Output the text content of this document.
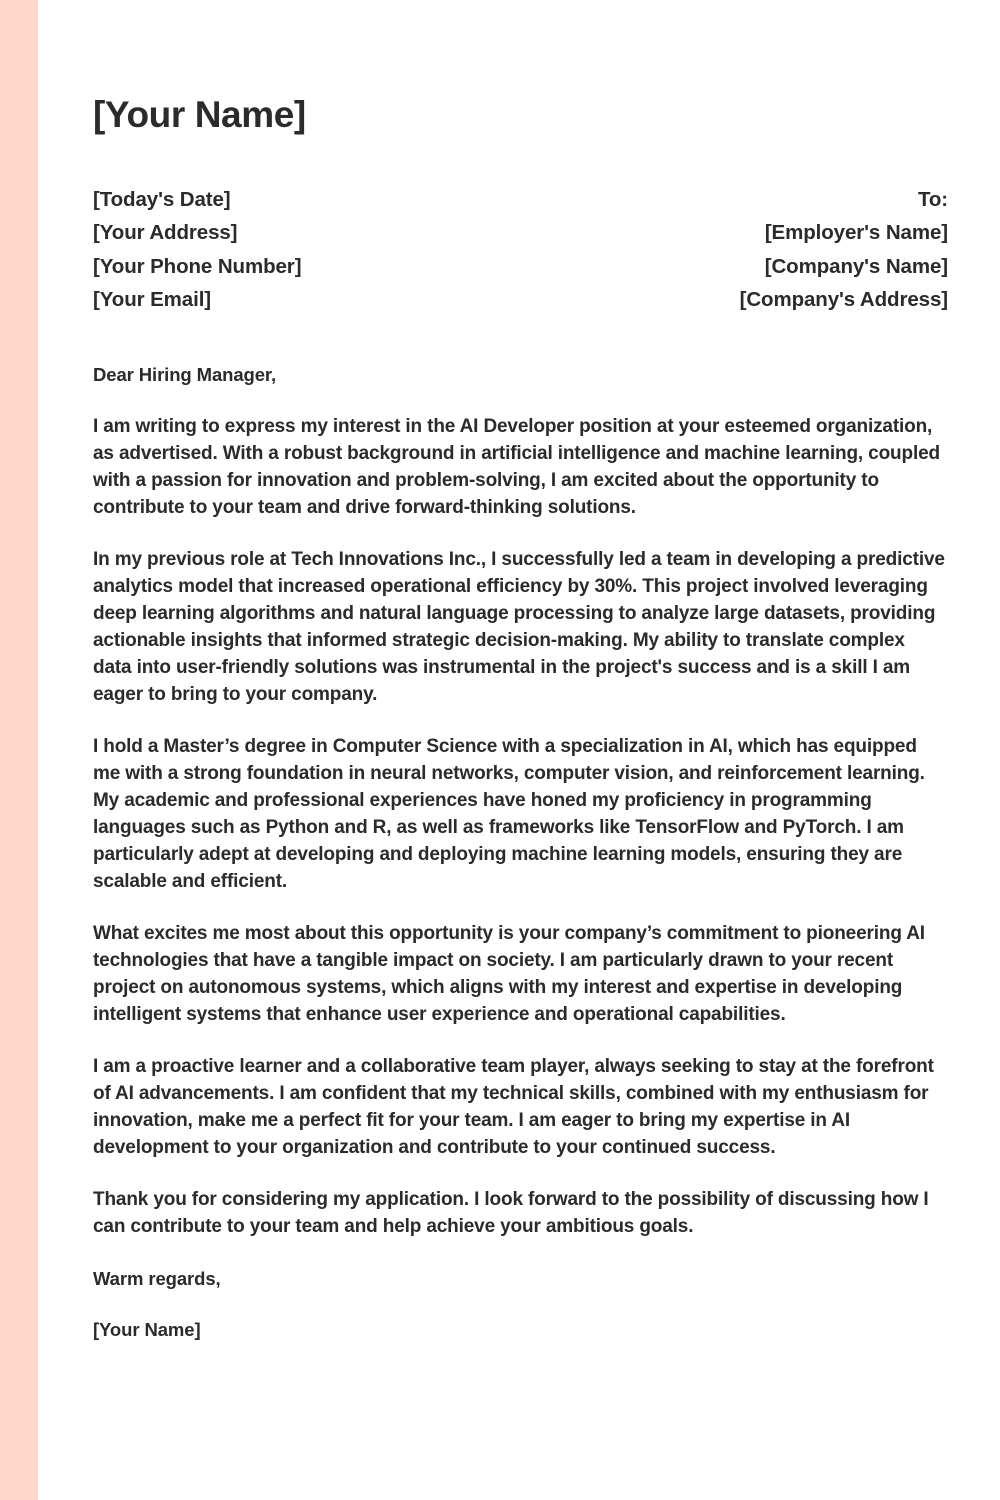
[Your Name]
[Today's Date]
[Your Address]
[Your Phone Number]
[Your Email]
To:
[Employer's Name]
[Company's Name]
[Company's Address]

Dear Hiring Manager,

I am writing to express my interest in the AI Developer position at your esteemed organization, as advertised. With a robust background in artificial intelligence and machine learning, coupled with a passion for innovation and problem-solving, I am excited about the opportunity to contribute to your team and drive forward-thinking solutions.

In my previous role at Tech Innovations Inc., I successfully led a team in developing a predictive analytics model that increased operational efficiency by 30%. This project involved leveraging deep learning algorithms and natural language processing to analyze large datasets, providing actionable insights that informed strategic decision-making. My ability to translate complex data into user-friendly solutions was instrumental in the project's success and is a skill I am eager to bring to your company.

I hold a Master’s degree in Computer Science with a specialization in AI, which has equipped me with a strong foundation in neural networks, computer vision, and reinforcement learning. My academic and professional experiences have honed my proficiency in programming languages such as Python and R, as well as frameworks like TensorFlow and PyTorch. I am particularly adept at developing and deploying machine learning models, ensuring they are scalable and efficient.

What excites me most about this opportunity is your company’s commitment to pioneering AI technologies that have a tangible impact on society. I am particularly drawn to your recent project on autonomous systems, which aligns with my interest and expertise in developing intelligent systems that enhance user experience and operational capabilities.

I am a proactive learner and a collaborative team player, always seeking to stay at the forefront of AI advancements. I am confident that my technical skills, combined with my enthusiasm for innovation, make me a perfect fit for your team. I am eager to bring my expertise in AI development to your organization and contribute to your continued success.

Thank you for considering my application. I look forward to the possibility of discussing how I can contribute to your team and help achieve your ambitious goals.

Warm regards,

[Your Name]
